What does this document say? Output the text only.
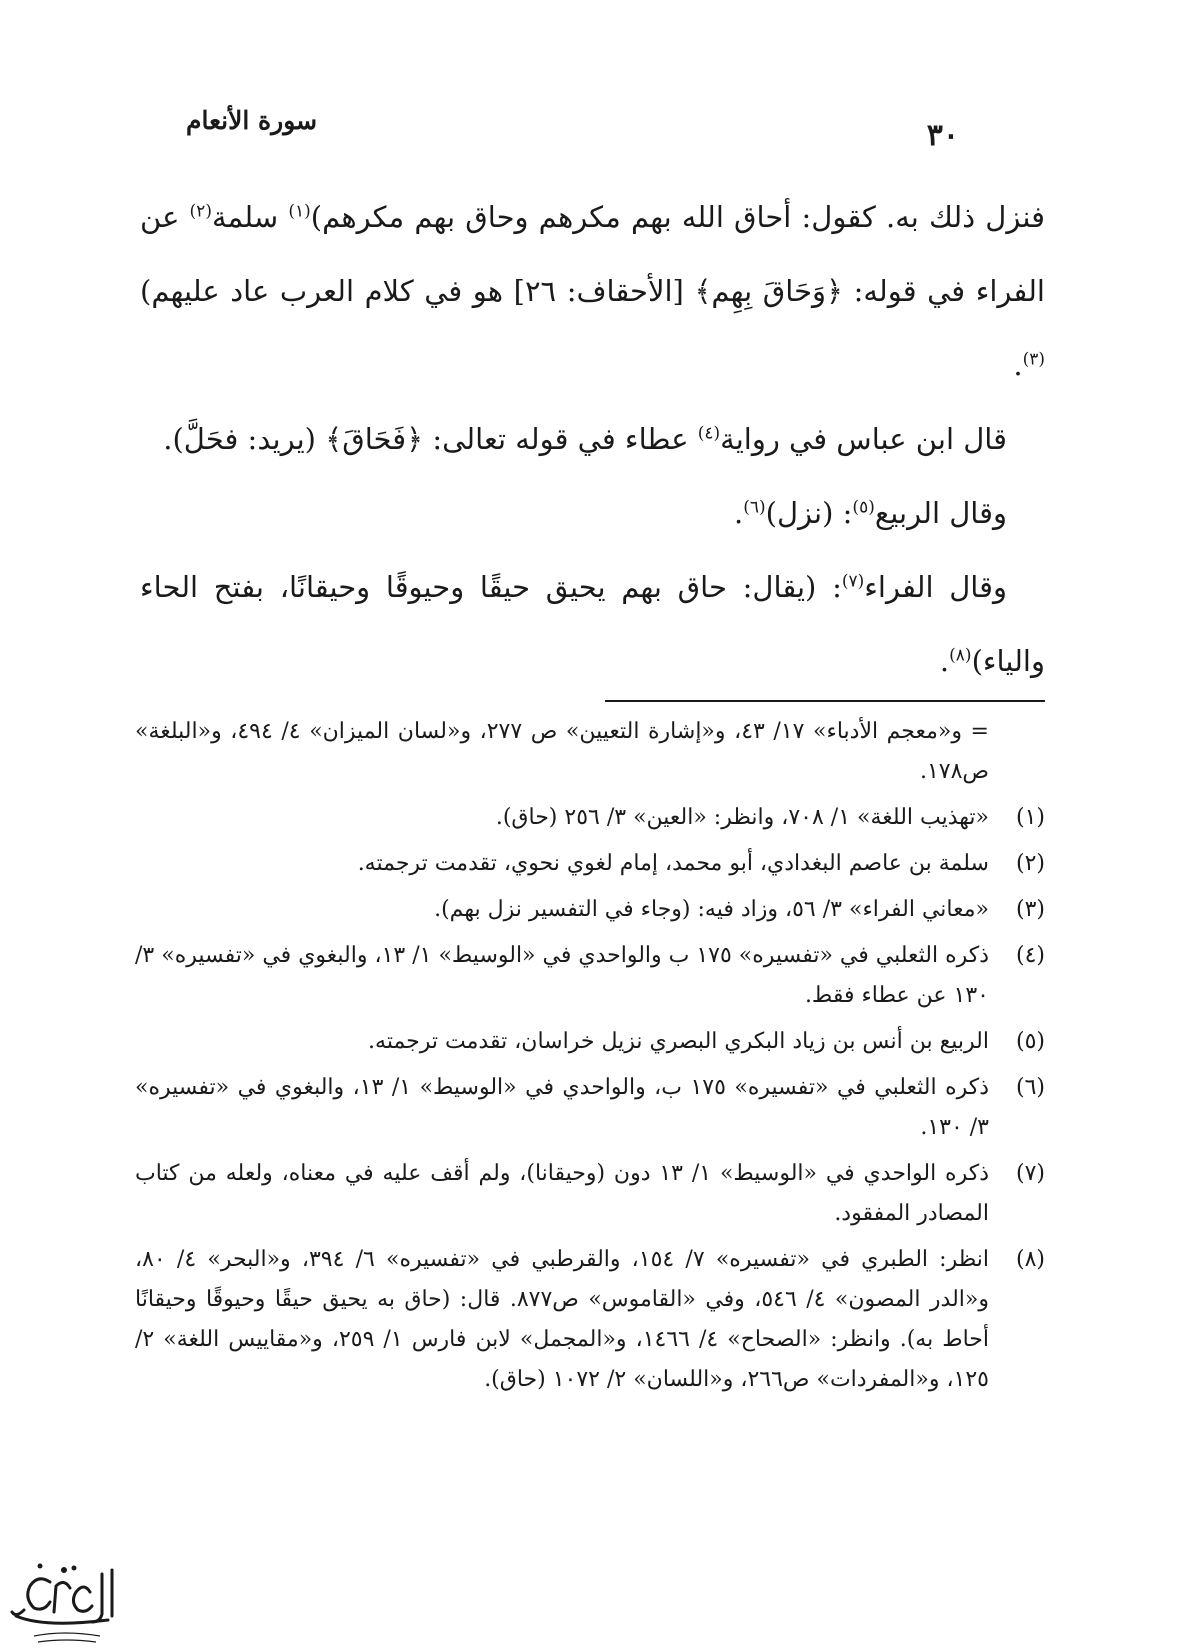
سورة الأنعام	٣٠

فنزل ذلك به. كقول: أحاق الله بهم مكرهم وحاق بهم مكرهم)$^{(١)}$ سلمة$^{(٢)}$ عن الفراء في قوله: ﴿وَحَاقَ بِهِم﴾ [الأحقاف: ٢٦] هو في كلام العرب عاد عليهم)$^{(٣)}$.

قال ابن عباس في رواية$^{(٤)}$ عطاء في قوله تعالى: ﴿فَحَاقَ﴾ (يريد: فحَلَّ).

وقال الربيع$^{(٥)}$: (نزل)$^{(٦)}$.

وقال الفراء$^{(٧)}$: (يقال: حاق بهم يحيق حيقًا وحيوقًا وحيقانًا، بفتح الحاء والياء)$^{(٨)}$.

= و«معجم الأدباء» ١٧/ ٤٣، و«إشارة التعيين» ص ٢٧٧، و«لسان الميزان» ٤/ ٤٩٤، و«البلغة» ص١٧٨.

(١)
«تهذيب اللغة» ١/ ٧٠٨، وانظر: «العين» ٣/ ٢٥٦ (حاق).

(٢)
سلمة بن عاصم البغدادي، أبو محمد، إمام لغوي نحوي، تقدمت ترجمته.

(٣)
«معاني الفراء» ٣/ ٥٦، وزاد فيه: (وجاء في التفسير نزل بهم).

(٤)
ذكره الثعلبي في «تفسيره» ١٧٥ ب والواحدي في «الوسيط» ١/ ١٣، والبغوي في «تفسيره» ٣/ ١٣٠ عن عطاء فقط.

(٥)
الربيع بن أنس بن زياد البكري البصري نزيل خراسان، تقدمت ترجمته.

(٦)
ذكره الثعلبي في «تفسيره» ١٧٥ ب، والواحدي في «الوسيط» ١/ ١٣، والبغوي في «تفسيره» ٣/ ١٣٠.

(٧)
ذكره الواحدي في «الوسيط» ١/ ١٣ دون (وحيقانا)، ولم أقف عليه في معناه، ولعله من كتاب المصادر المفقود.

(٨)
انظر: الطبري في «تفسيره» ٧/ ١٥٤، والقرطبي في «تفسيره» ٦/ ٣٩٤، و«البحر» ٤/ ٨٠، و«الدر المصون» ٤/ ٥٤٦، وفي «القاموس» ص٨٧٧. قال: (حاق به يحيق حيقًا وحيوقًا وحيقانًا أحاط به). وانظر: «الصحاح» ٤/ ١٤٦٦، و«المجمل» لابن فارس ١/ ٢٥٩، و«مقاييس اللغة» ٢/ ١٢٥، و«المفردات» ص٢٦٦، و«اللسان» ٢/ ١٠٧٢ (حاق).
